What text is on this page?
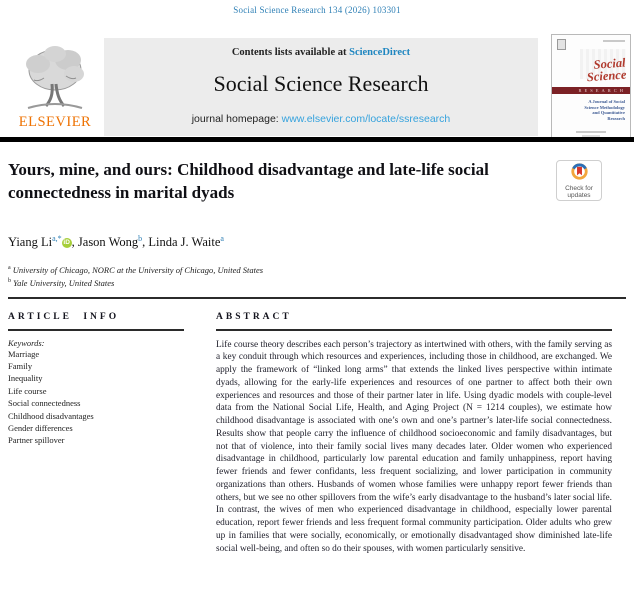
Social Science Research 134 (2026) 103301
ELSEVIER
Contents lists available at ScienceDirect
Social Science Research
journal homepage: www.elsevier.com/locate/ssresearch
Social
Science
RESEARCH
A Journal of Social Science Methodology and Quantitative Research
Yours, mine, and ours: Childhood disadvantage and late-life social connectedness in marital dyads	Check for
updates
Yiang $Li^{a,*}$ iD , Jason Wong$^b$, Linda J. Waite$^a$
$^a$ University of Chicago, NORC at the University of Chicago, United States
$^b$ Yale University, United States
ARTICLE INFO
Keywords:
Marriage
Family
Inequality
Life course
Social connectedness
Childhood disadvantages
Gender differences
Partner spillover
ABSTRACT
Life course theory describes each person’s trajectory as intertwined with others, with the family serving as a key conduit through which resources and experiences, including those in childhood, are exchanged. We apply the framework of “linked long arms” that extends the linked lives perspective within intimate dyads, allowing for the early-life experiences and resources of one partner to affect both their own experiences and resources and those of their partner later in life. Using dyadic models with couple-level data from the National Social Life, Health, and Aging Project (N = 1214 couples), we estimate how childhood disadvantage is associated with one’s own and one’s partner’s later-life social connectedness. Results show that people carry the influence of childhood socioeconomic and family disadvantages, but not that of violence, into their family social lives many decades later. Older women who experienced disadvantage in childhood, particularly low parental education and family unhappiness, report having fewer friends and fewer confidants, less frequent socializing, and lower participation in community organizations than others. Husbands of women whose families were unhappy report fewer friends than others, but we see no other spillovers from the wife’s early disadvantage to the husband’s later social life. In contrast, the wives of men who experienced disadvantage in childhood, especially lower parental education, report fewer friends and less frequent formal community participation. Older adults who grew up in families that were socially, economically, or emotionally disadvantaged show diminished late-life social well-being, and often so do their spouses, with women particularly sensitive.
